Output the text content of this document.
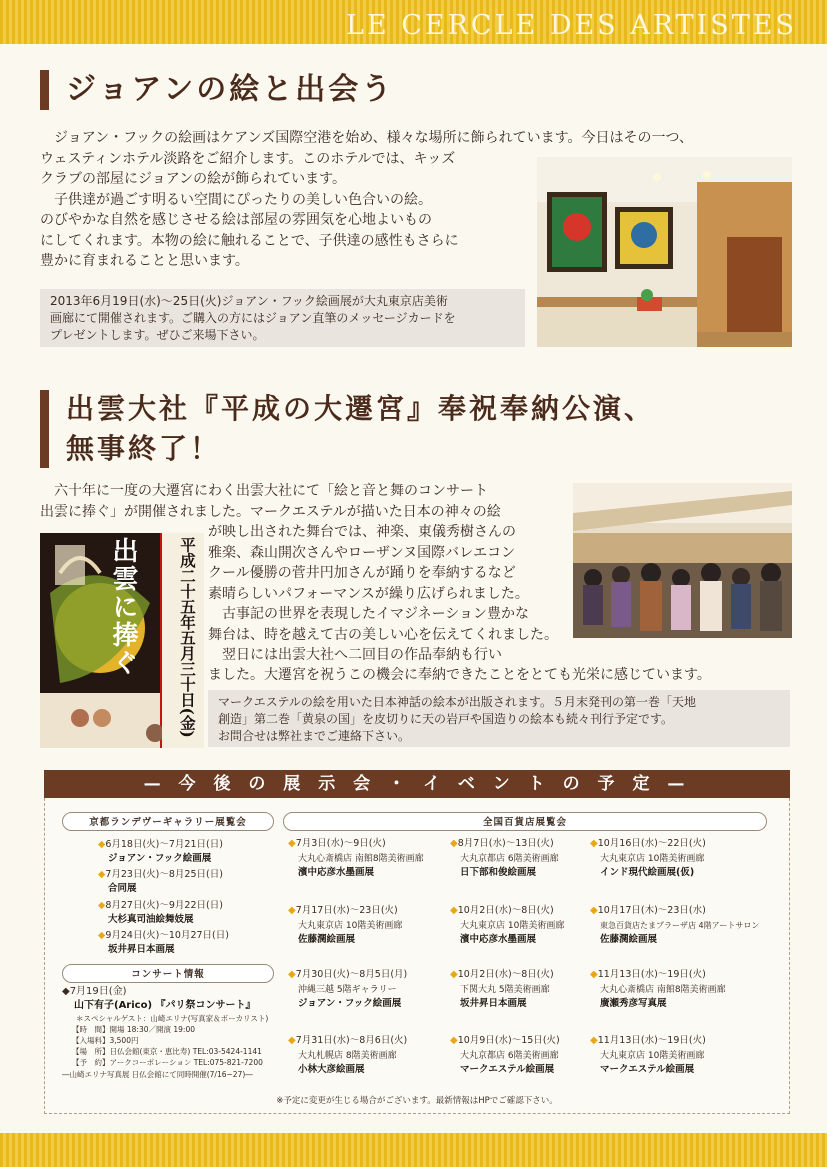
LE CERCLE DES ARTISTES
ジョアンの絵と出会う

ジョアン・フックの絵画はケアンズ国際空港を始め、様々な場所に飾られています。今日はその一つ、
ウェスティンホテル淡路をご紹介します。このホテルでは、キッズ
クラブの部屋にジョアンの絵が飾られています。
子供達が過ごす明るい空間にぴったりの美しい色合いの絵。
のびやかな自然を感じさせる絵は部屋の雰囲気を心地よいもの
にしてくれます。本物の絵に触れることで、子供達の感性もさらに
豊かに育まれることと思います。

2013年6月19日(水)～25日(火)ジョアン・フック絵画展が大丸東京店美術
画廊にて開催されます。ご購入の方にはジョアン直筆のメッセージカードを
プレゼントします。ぜひご来場下さい。
出雲大社『平成の大遷宮』奉祝奉納公演、
無事終了！

六十年に一度の大遷宮にわく出雲大社にて「絵と音と舞のコンサート
出雲に捧ぐ」が開催されました。マークエステルが描いた日本の神々の絵

出雲に捧ぐ	平成二十五年五月三十日(金)

が映し出された舞台では、神楽、東儀秀樹さんの
雅楽、森山開次さんやローザンヌ国際バレエコン
クール優勝の菅井円加さんが踊りを奉納するなど
素晴らしいパフォーマンスが繰り広げられました。
古事記の世界を表現したイマジネーション豊かな
舞台は、時を越えて古の美しい心を伝えてくれました。
翌日には出雲大社へ二回目の作品奉納も行い

ました。大遷宮を祝うこの機会に奉納できたことをとても光栄に感じています。

マークエステルの絵を用いた日本神話の絵本が出版されます。５月末発刊の第一巻「天地
創造」第二巻「黄泉の国」を皮切りに天の岩戸や国造りの絵本も続々刊行予定です。
お問合せは弊社までご連絡下さい。
— 今 後 の 展 示 会 ・ イ ベ ン ト の 予 定 —
京都ランデヴーギャラリー展覧会	全国百貨店展覧会
◆6月18日(火)～7月21日(日)
ジョアン・フック絵画展
◆7月23日(火)～8月25日(日)
合同展
◆8月27日(火)～9月22日(日)
大杉真司油絵舞妓展
◆9月24日(火)～10月27日(日)
坂井昇日本画展
コンサート情報
◆7月19日(金)
山下有子(Arico) 『パリ祭コンサート』
＊スペシャルゲスト：山崎エリナ(写真家＆ボーカリスト)
【時　間】開場 18:30／開演 19:00
【入場料】3,500円
【場　所】日仏会館(東京・恵比寿) TEL:03-5424-1141
【予　約】アークコーポレーション TEL:075-821-7200
―山崎エリナ写真展 日仏会館にて同時開催(7/16~27)―
◆7月3日(水)～9日(火)
大丸心斎橋店 南館8階美術画廊
濱中応彦水墨画展
◆7月17日(水)～23日(火)
大丸東京店 10階美術画廊
佐藤潤絵画展
◆7月30日(火)～8月5日(月)
沖縄三越 5階ギャラリー
ジョアン・フック絵画展
◆7月31日(水)～8月6日(火)
大丸札幌店 8階美術画廊
小林大彦絵画展
◆8月7日(水)～13日(火)
大丸京都店 6階美術画廊
日下部和俊絵画展
◆10月2日(水)～8日(火)
大丸東京店 10階美術画廊
濱中応彦水墨画展
◆10月2日(水)～8日(火)
下関大丸 5階美術画廊
坂井昇日本画展
◆10月9日(水)～15日(火)
大丸京都店 6階美術画廊
マークエステル絵画展
◆10月16日(水)～22日(火)
大丸東京店 10階美術画廊
インド現代絵画展(仮)
◆10月17日(木)～23日(水)
東急百貨店たまプラーザ店 4階アートサロン
佐藤潤絵画展
◆11月13日(水)～19日(火)
大丸心斎橋店 南館8階美術画廊
廣瀬秀彦写真展
◆11月13日(水)～19日(火)
大丸東京店 10階美術画廊
マークエステル絵画展
※予定に変更が生じる場合がございます。最新情報はHPでご確認下さい。
